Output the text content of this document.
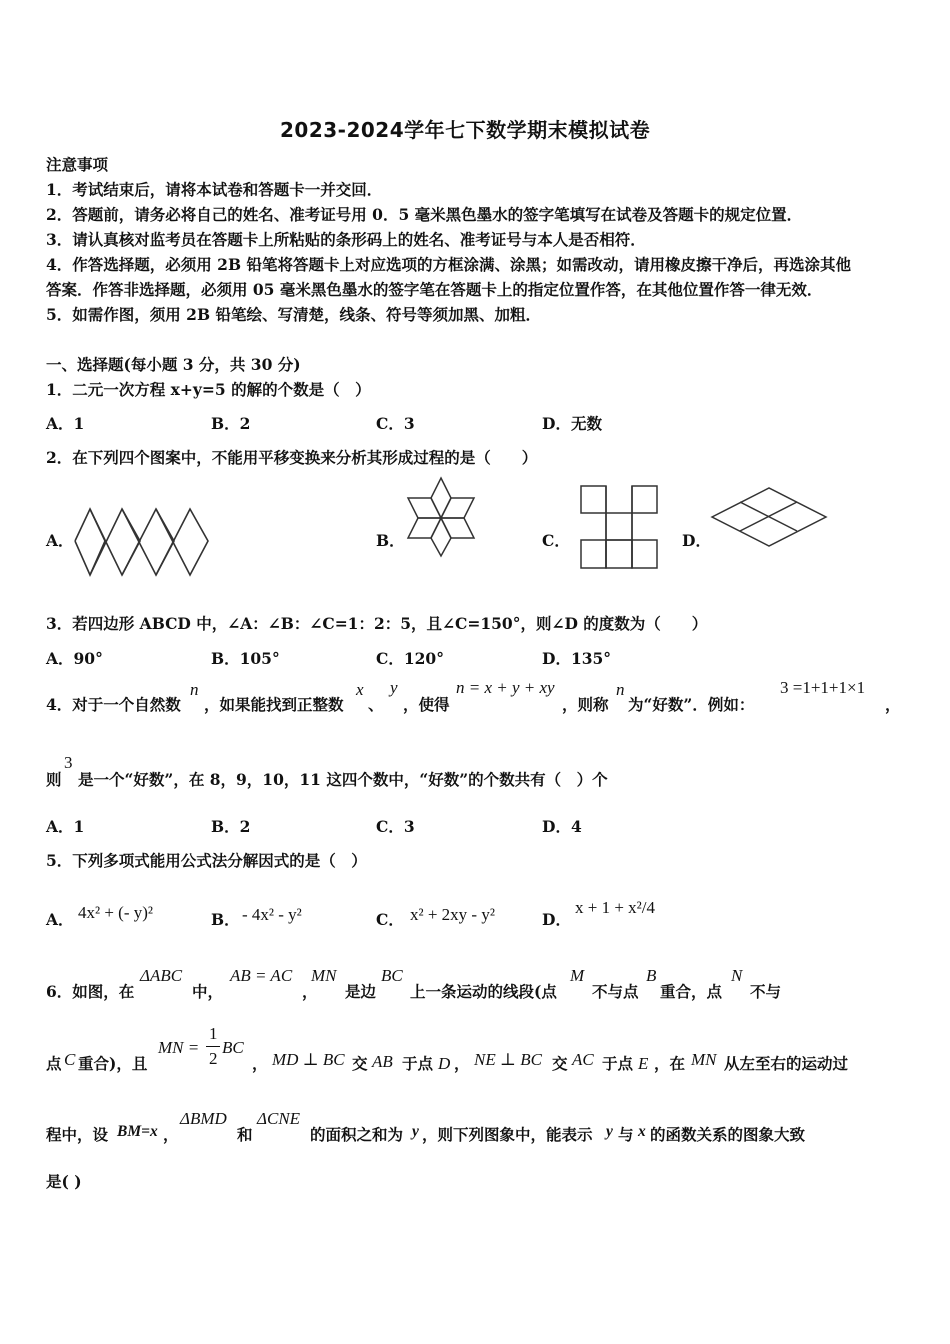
2023-2024学年七下数学期末模拟试卷
注意事项
1．考试结束后，请将本试卷和答题卡一并交回．
2．答题前，请务必将自己的姓名、准考证号用 0．5 毫米黑色墨水的签字笔填写在试卷及答题卡的规定位置．
3．请认真核对监考员在答题卡上所粘贴的条形码上的姓名、准考证号与本人是否相符．
4．作答选择题，必须用 2B 铅笔将答题卡上对应选项的方框涂满、涂黑；如需改动，请用橡皮擦干净后，再选涂其他
答案．作答非选择题，必须用 05 毫米黑色墨水的签字笔在答题卡上的指定位置作答，在其他位置作答一律无效．
5．如需作图，须用 2B 铅笔绘、写清楚，线条、符号等须加黑、加粗．
一、选择题(每小题 3 分，共 30 分)
1．二元一次方程 x+y=5 的解的个数是（　）
A．1	B．2	C．3	D．无数
2．在下列四个图案中，不能用平移变换来分析其形成过程的是（　　）
A．	B．	C．	D．
3．若四边形 ABCD 中，∠A：∠B：∠C=1：2：5，且∠C=150°，则∠D 的度数为（　　）
A．90°	B．105°	C．120°	D．135°
4．对于一个自然数
n
，如果能找到正整数
x
、
y
，使得
n = x + y + xy
，则称
n
为“好数”．例如：
3 =1+1+1×1
，
则
3
是一个“好数”，在 8，9，10，11 这四个数中，“好数”的个数共有（　）个
A．1	B．2	C．3	D．4
5．下列多项式能用公式法分解因式的是（　）
A． 4x² + (- y)²	B． - 4x² - y²	C． x² + 2xy - y²	D．
x + 1 + x²/4
6．如图，在
ΔABC
中，
AB = AC
，
MN
是边
BC
上一条运动的线段(点
M
不与点
B
重合，点
N
不与
点 C 重合)，且
MN =
1
2
BC
， MD ⊥ BC 交 AB 于点 D ， NE ⊥ BC 交 AC 于点 E ，在 MN 从左至右的运动过
程中，设 BM=x ，
ΔBMD
和
ΔCNE
的面积之和为 y ，则下列图象中，能表示 y 与 x 的函数关系的图象大致
是( )
